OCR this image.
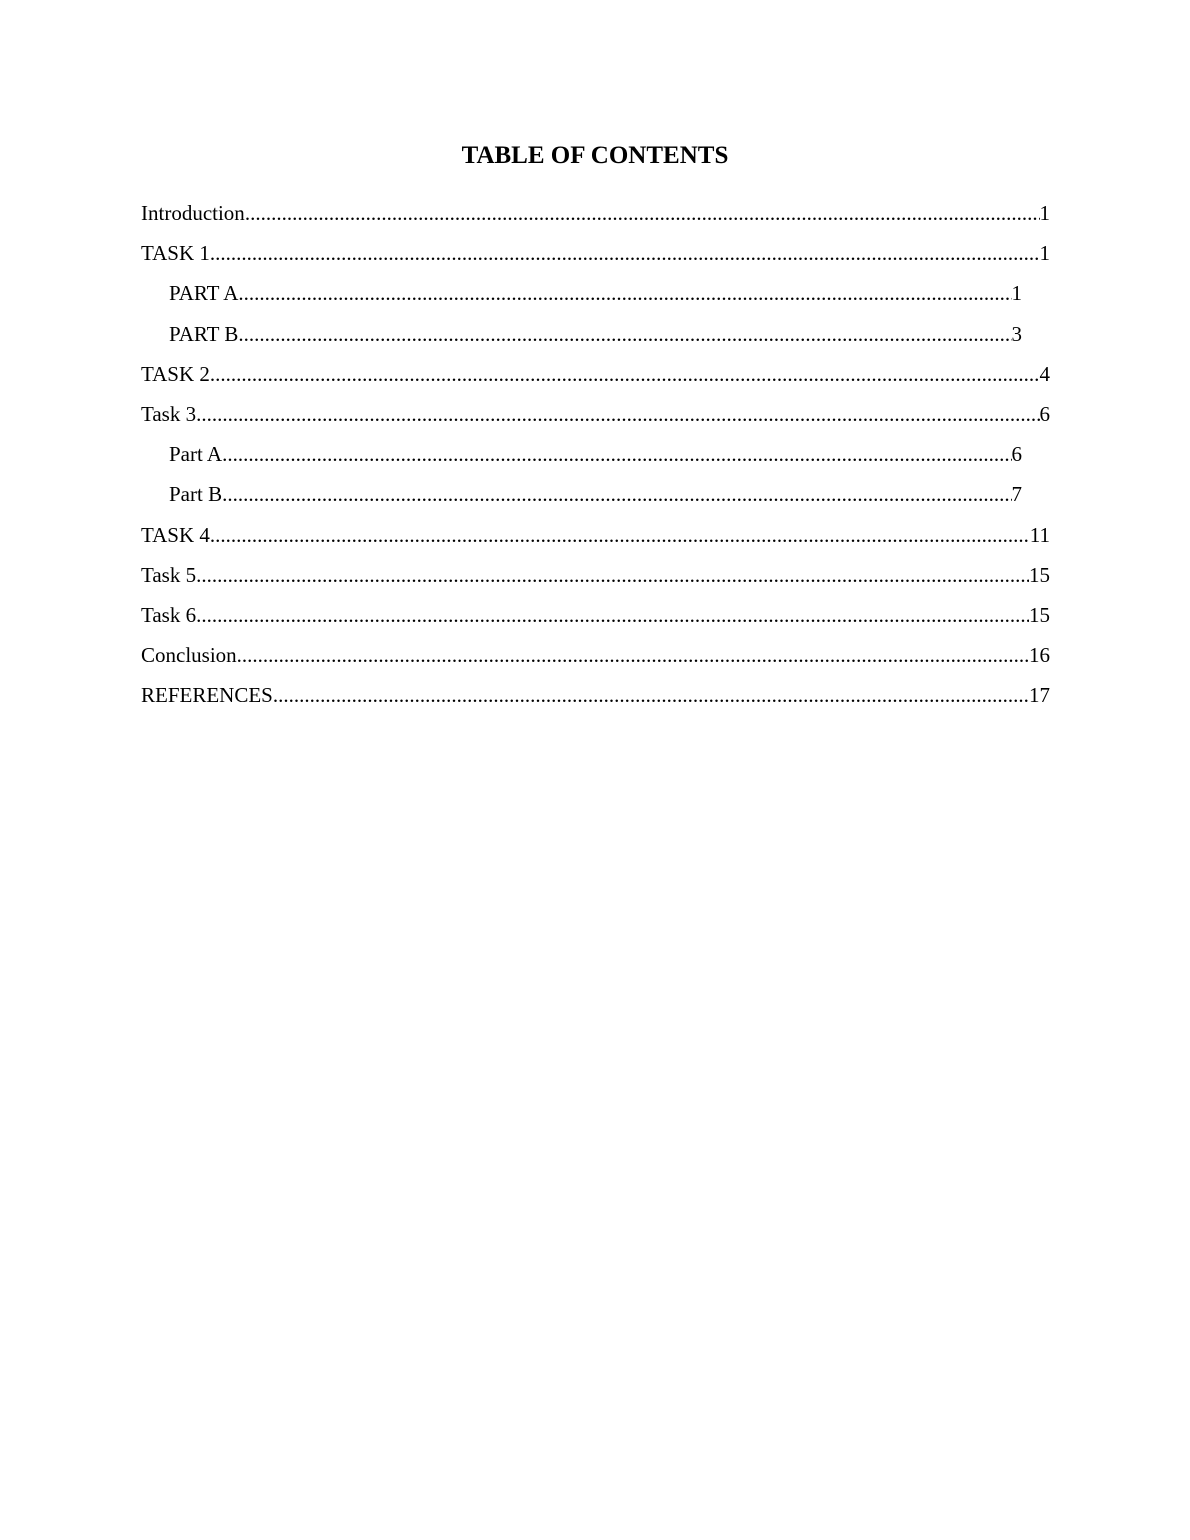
TABLE OF CONTENTS
Introduction .....	1
TASK 1 .....	1
PART A .....	1
PART B .....	3
TASK 2 .....	4
Task 3 .....	6
Part A .....	6
Part B .....	7
TASK 4 .....	11
Task 5 .....	15
Task 6 .....	15
Conclusion .....	16
REFERENCES .....	17
